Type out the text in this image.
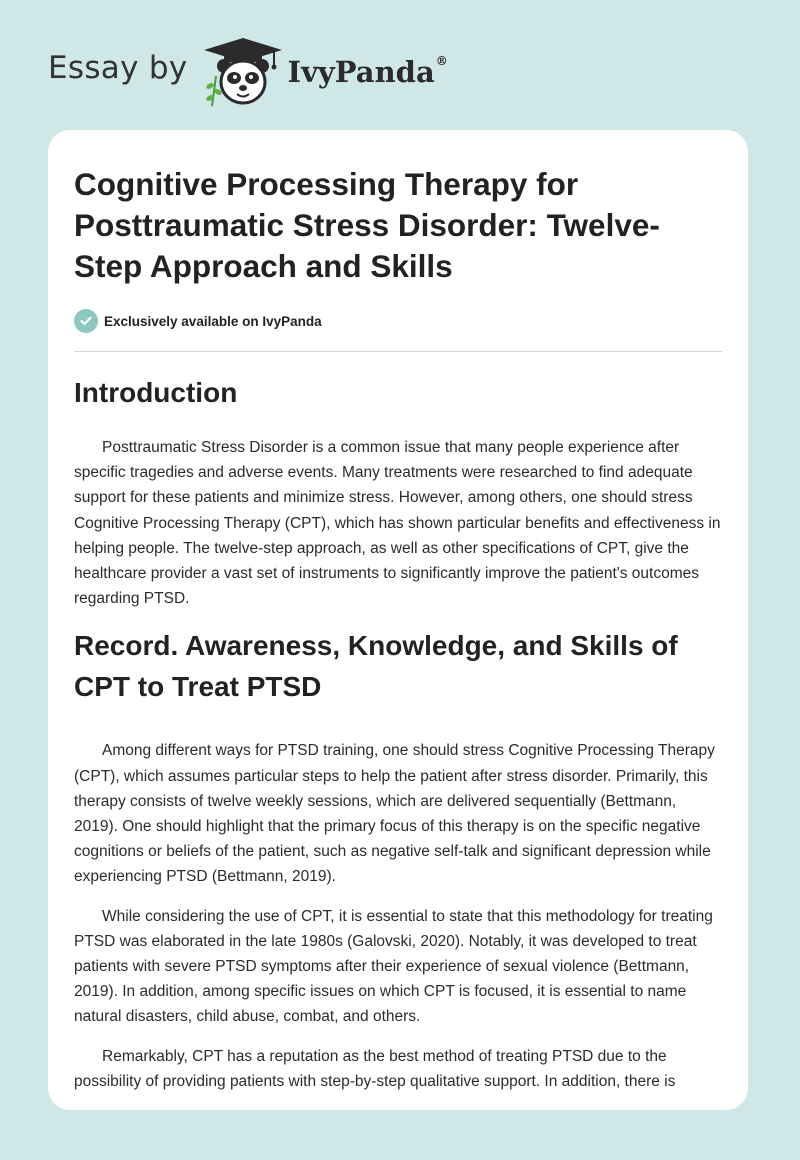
Essay by	IvyPanda®
Cognitive Processing Therapy for Posttraumatic Stress Disorder: Twelve-Step Approach and Skills
Exclusively available on IvyPanda
Introduction

Posttraumatic Stress Disorder is a common issue that many people experience after specific tragedies and adverse events. Many treatments were researched to find adequate support for these patients and minimize stress. However, among others, one should stress Cognitive Processing Therapy (CPT), which has shown particular benefits and effectiveness in helping people. The twelve-step approach, as well as other specifications of CPT, give the healthcare provider a vast set of instruments to significantly improve the patient's outcomes regarding PTSD.

Record. Awareness, Knowledge, and Skills of CPT to Treat PTSD

Among different ways for PTSD training, one should stress Cognitive Processing Therapy (CPT), which assumes particular steps to help the patient after stress disorder. Primarily, this therapy consists of twelve weekly sessions, which are delivered sequentially (Bettmann, 2019). One should highlight that the primary focus of this therapy is on the specific negative cognitions or beliefs of the patient, such as negative self-talk and significant depression while experiencing PTSD (Bettmann, 2019).

While considering the use of CPT, it is essential to state that this methodology for treating PTSD was elaborated in the late 1980s (Galovski, 2020). Notably, it was developed to treat patients with severe PTSD symptoms after their experience of sexual violence (Bettmann, 2019). In addition, among specific issues on which CPT is focused, it is essential to name natural disasters, child abuse, combat, and others.

Remarkably, CPT has a reputation as the best method of treating PTSD due to the possibility of providing patients with step-by-step qualitative support. In addition, there is
